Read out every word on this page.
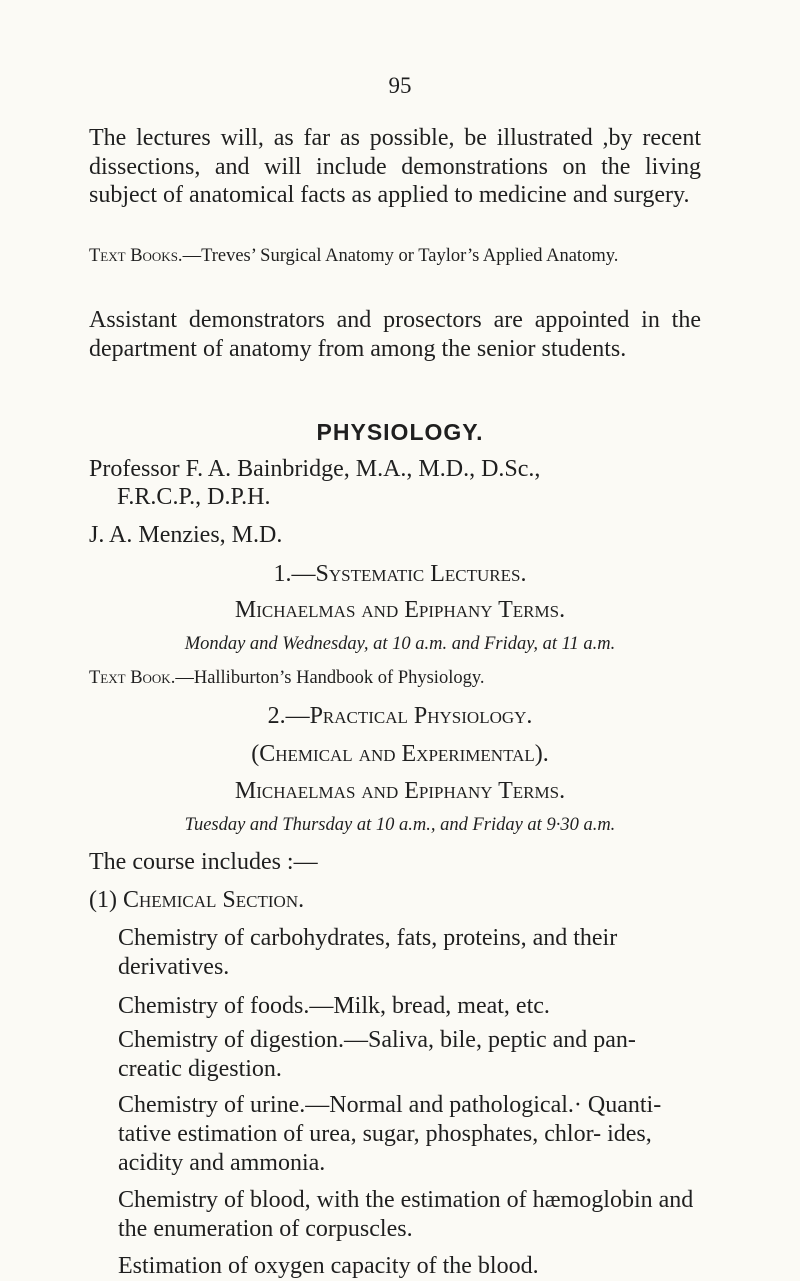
95

The lectures will, as far as possible, be illustrated ,by recent dissections, and will include demonstrations on the living subject of anatomical facts as applied to medicine and surgery.

Text Books.—Treves’ Surgical Anatomy or Taylor’s Applied Anatomy.

Assistant demonstrators and prosectors are appointed in the department of anatomy from among the senior students.

PHYSIOLOGY.
Professor F. A. Bainbridge, M.A., M.D., D.Sc.,
F.R.C.P., D.P.H.
J. A. Menzies, M.D.
1.—Systematic Lectures.
Michaelmas and Epiphany Terms.
Monday and Wednesday, at 10 a.m. and Friday, at 11 a.m.
Text Book.—Halliburton’s Handbook of Physiology.
2.—Practical Physiology.
(Chemical and Experimental).
Michaelmas and Epiphany Terms.
Tuesday and Thursday at 10 a.m., and Friday at 9·30 a.m.
The course includes :—
(1) Chemical Section.

Chemistry of carbohydrates, fats, proteins, and their derivatives.

Chemistry of foods.—Milk, bread, meat, etc.

Chemistry of digestion.—Saliva, bile, peptic and pan- creatic digestion.

Chemistry of urine.—Normal and pathological.· Quanti- tative estimation of urea, sugar, phosphates, chlor- ides, acidity and ammonia.

Chemistry of blood, with the estimation of hæmoglobin and the enumeration of corpuscles.

Estimation of oxygen capacity of the blood.
